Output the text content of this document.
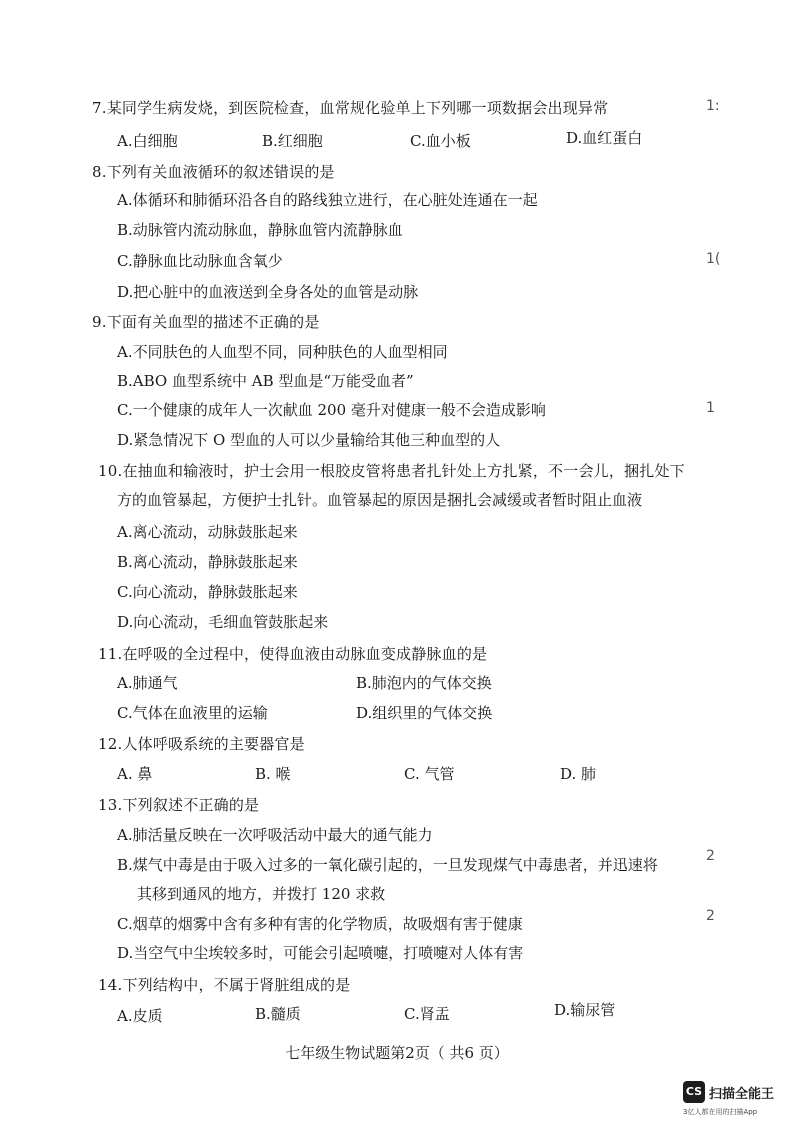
7.某同学生病发烧，到医院检查，血常规化验单上下列哪一项数据会出现异常
A.白细胞	B.红细胞	C.血小板	D.血红蛋白
8.下列有关血液循环的叙述错误的是
A.体循环和肺循环沿各自的路线独立进行，在心脏处连通在一起
B.动脉管内流动脉血，静脉血管内流静脉血
C.静脉血比动脉血含氧少
D.把心脏中的血液送到全身各处的血管是动脉
9.下面有关血型的描述不正确的是
A.不同肤色的人血型不同，同种肤色的人血型相同
B.ABO 血型系统中 AB 型血是“万能受血者”
C.一个健康的成年人一次献血 200 毫升对健康一般不会造成影响
D.紧急情况下 O 型血的人可以少量输给其他三种血型的人
10.在抽血和输液时，护士会用一根胶皮管将患者扎针处上方扎紧，不一会儿，捆扎处下
方的血管暴起，方便护士扎针。血管暴起的原因是捆扎会减缓或者暂时阻止血液
A.离心流动，动脉鼓胀起来
B.离心流动，静脉鼓胀起来
C.向心流动，静脉鼓胀起来
D.向心流动，毛细血管鼓胀起来
11.在呼吸的全过程中，使得血液由动脉血变成静脉血的是
A.肺通气	B.肺泡内的气体交换
C.气体在血液里的运输	D.组织里的气体交换
12.人体呼吸系统的主要器官是
A. 鼻	B. 喉	C. 气管	D. 肺
13.下列叙述不正确的是
A.肺活量反映在一次呼吸活动中最大的通气能力
B.煤气中毒是由于吸入过多的一氧化碳引起的，一旦发现煤气中毒患者，并迅速将
其移到通风的地方，并拨打 120 求救
C.烟草的烟雾中含有多种有害的化学物质，故吸烟有害于健康
D.当空气中尘埃较多时，可能会引起喷嚏，打喷嚏对人体有害
14.下列结构中，不属于肾脏组成的是
A.皮质	B.髓质	C.肾盂	D.输尿管
七年级生物试题第2页（ 共6 页）
1:
1(
1
2
2
CS 扫描全能王
3亿人都在用的扫描App
